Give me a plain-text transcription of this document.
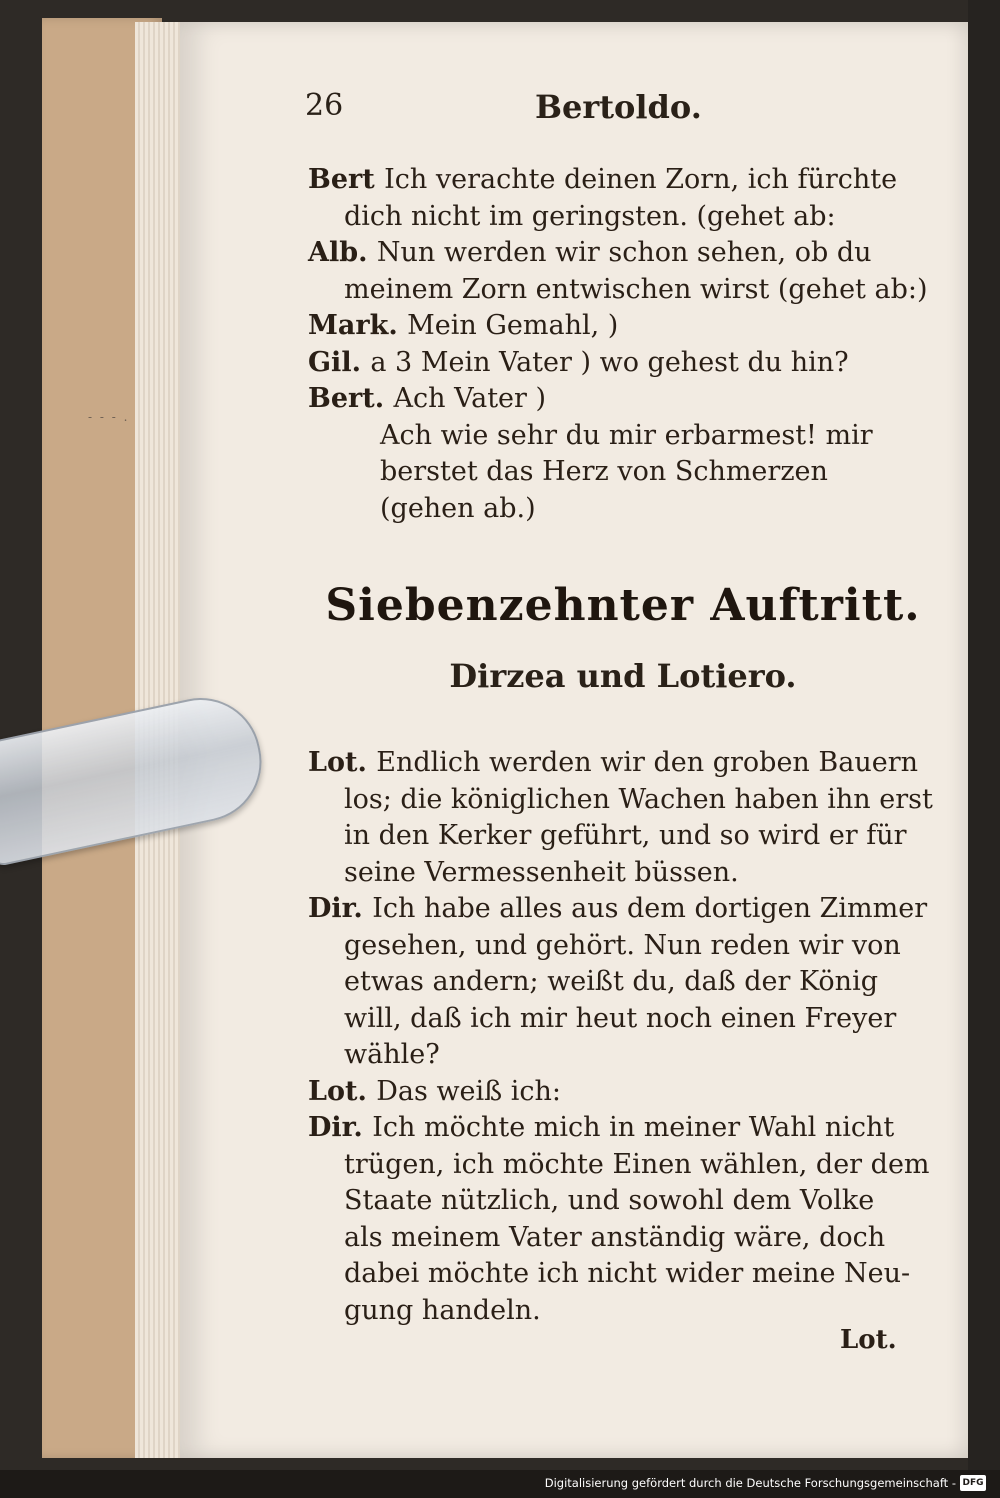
- - - .
26	Bertoldo.
Bert Ich verachte deinen Zorn, ich fürchte
dich nicht im geringsten. (gehet ab:
Alb. Nun werden wir schon sehen, ob du
meinem Zorn entwischen wirst (gehet ab:)
Mark. Mein Gemahl, )
Gil. a 3 Mein Vater ) wo gehest du hin?
Bert. Ach Vater )
Ach wie sehr du mir erbarmest! mir
berstet das Herz von Schmerzen
(gehen ab.)
Siebenzehnter Auftritt.
Dirzea und Lotiero.
Lot. Endlich werden wir den groben Bauern
los; die königlichen Wachen haben ihn erst
in den Kerker geführt, und so wird er für
seine Vermessenheit büssen.
Dir. Ich habe alles aus dem dortigen Zimmer
gesehen, und gehört. Nun reden wir von
etwas andern; weißt du, daß der König
will, daß ich mir heut noch einen Freyer
wähle?
Lot. Das weiß ich:
Dir. Ich möchte mich in meiner Wahl nicht
trügen, ich möchte Einen wählen, der dem
Staate nützlich, und sowohl dem Volke
als meinem Vater anständig wäre, doch
dabei möchte ich nicht wider meine Neu-
gung handeln.
Lot.
Digitalisierung gefördert durch die Deutsche Forschungsgemeinschaft - DFG
